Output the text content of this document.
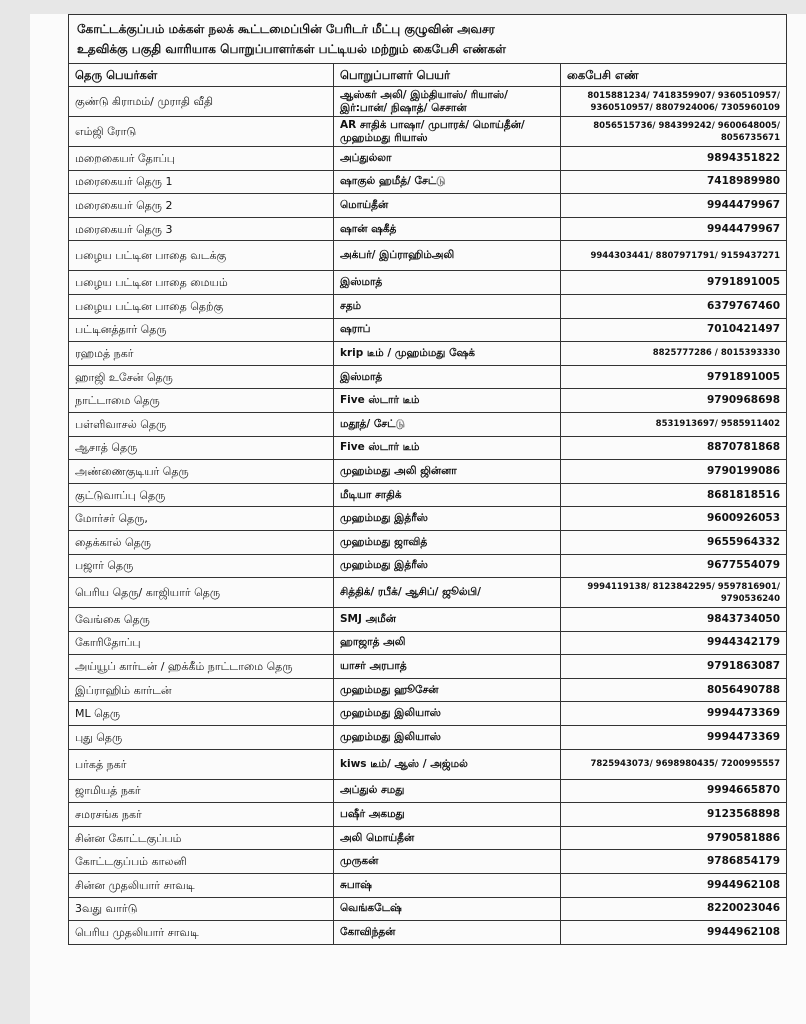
கோட்டக்குப்பம் மக்கள் நலக் கூட்டமைப்பின் பேரிடர் மீட்பு குழுவின் அவசர
உதவிக்கு பகுதி வாரியாக பொறுப்பாளர்கள் பட்டியல் மற்றும் கைபேசி எண்கள்		

தெரு பெயர்கள்	பொறுப்பாளர் பெயர்	கைபேசி எண்
குண்டு கிராமம்/ முராதி வீதி	ஆஸ்கர் அலி/ இம்தியாஸ்/ ரியாஸ்/ இர்:பான்/ நிஷாத்/ செசான்	8015881234/ 7418359907/ 9360510957/ 9360510957/ 8807924006/ 7305960109
எம்ஜி ரோடு	AR சாதிக் பாஷா/ முபாரக்/ மொய்தீன்/ முஹம்மது ரியாஸ்	8056515736/ 984399242/ 9600648005/ 8056735671
மறைகையர் தோப்பு	அப்துல்லா	9894351822
மரைகையர் தெரு 1	ஷாகுல் ஹமீத்/ சேட்டு	7418989980
மரைகையர் தெரு 2	மொய்தீன்	9944479967
மரைகையர் தெரு 3	ஷான் ஷகீத்	9944479967
பழைய பட்டின பாதை வடக்கு	அக்பர்/ இப்ராஹிம்அலி	9944303441/ 8807971791/ 9159437271
பழைய பட்டின பாதை மையம்	இஸ்மாத்	9791891005
பழைய பட்டின பாதை தெற்கு	சதம்	6379767460
பட்டினத்தார் தெரு	ஷராப்	7010421497
ரஹமத் நகர்	krip டீம் / முஹம்மது ஷேக்	8825777286 / 8015393330
ஹாஜி உசேன் தெரு	இஸ்மாத்	9791891005
நாட்டாமை தெரு	Five ஸ்டார் டீம்	9790968698
பள்ளிவாசல் தெரு	மதூத்/ சேட்டு	8531913697/ 9585911402
ஆசாத் தெரு	Five ஸ்டார் டீம்	8870781868
அண்ணைகுடியர் தெரு	முஹம்மது அலி ஜின்னா	9790199086
குட்டுவாப்பு தெரு	மீடியா சாதிக்	8681818516
மோர்சர் தெரு,	முஹம்மது இத்ரீஸ்	9600926053
தைக்கால் தெரு	முஹம்மது ஜாவித்	9655964332
பஜார் தெரு	முஹம்மது இத்ரீஸ்	9677554079
பெரிய தெரு/ காஜியார் தெரு	சித்திக்/ ரபீக்/ ஆசிப்/ ஜூல்பி/	9994119138/ 8123842295/ 9597816901/ 9790536240
வேங்கை தெரு	SMJ அமீன்	9843734050
கோரிதோப்பு	ஹாஜாத் அலி	9944342179
அய்யூப் கார்டன் / ஹக்கீம் நாட்டாமை தெரு	யாசர் அரபாத்	9791863087
இப்ராஹிம் கார்டன்	முஹம்மது ஹூசேன்	8056490788
ML தெரு	முஹம்மது இலியாஸ்	9994473369
புது தெரு	முஹம்மது இலியாஸ்	9994473369
பர்கத் நகர்	kiws டீம்/ ஆஸ் / அஜ்மல்	7825943073/ 9698980435/ 7200995557
ஜாமியத் நகர்	அப்துல் சமது	9994665870
சமரசங்க நகர்	பஷீர் அகமது	9123568898
சின்ன கோட்டகுப்பம்	அலி மொய்தீன்	9790581886
கோட்டகுப்பம் காலனி	முருகன்	9786854179
சின்ன முதலியார் சாவடி	சுபாஷ்	9944962108
3வது வார்டு	வெங்கடேஷ்	8220023046
பெரிய முதலியார் சாவடி	கோவிந்தன்	9944962108
